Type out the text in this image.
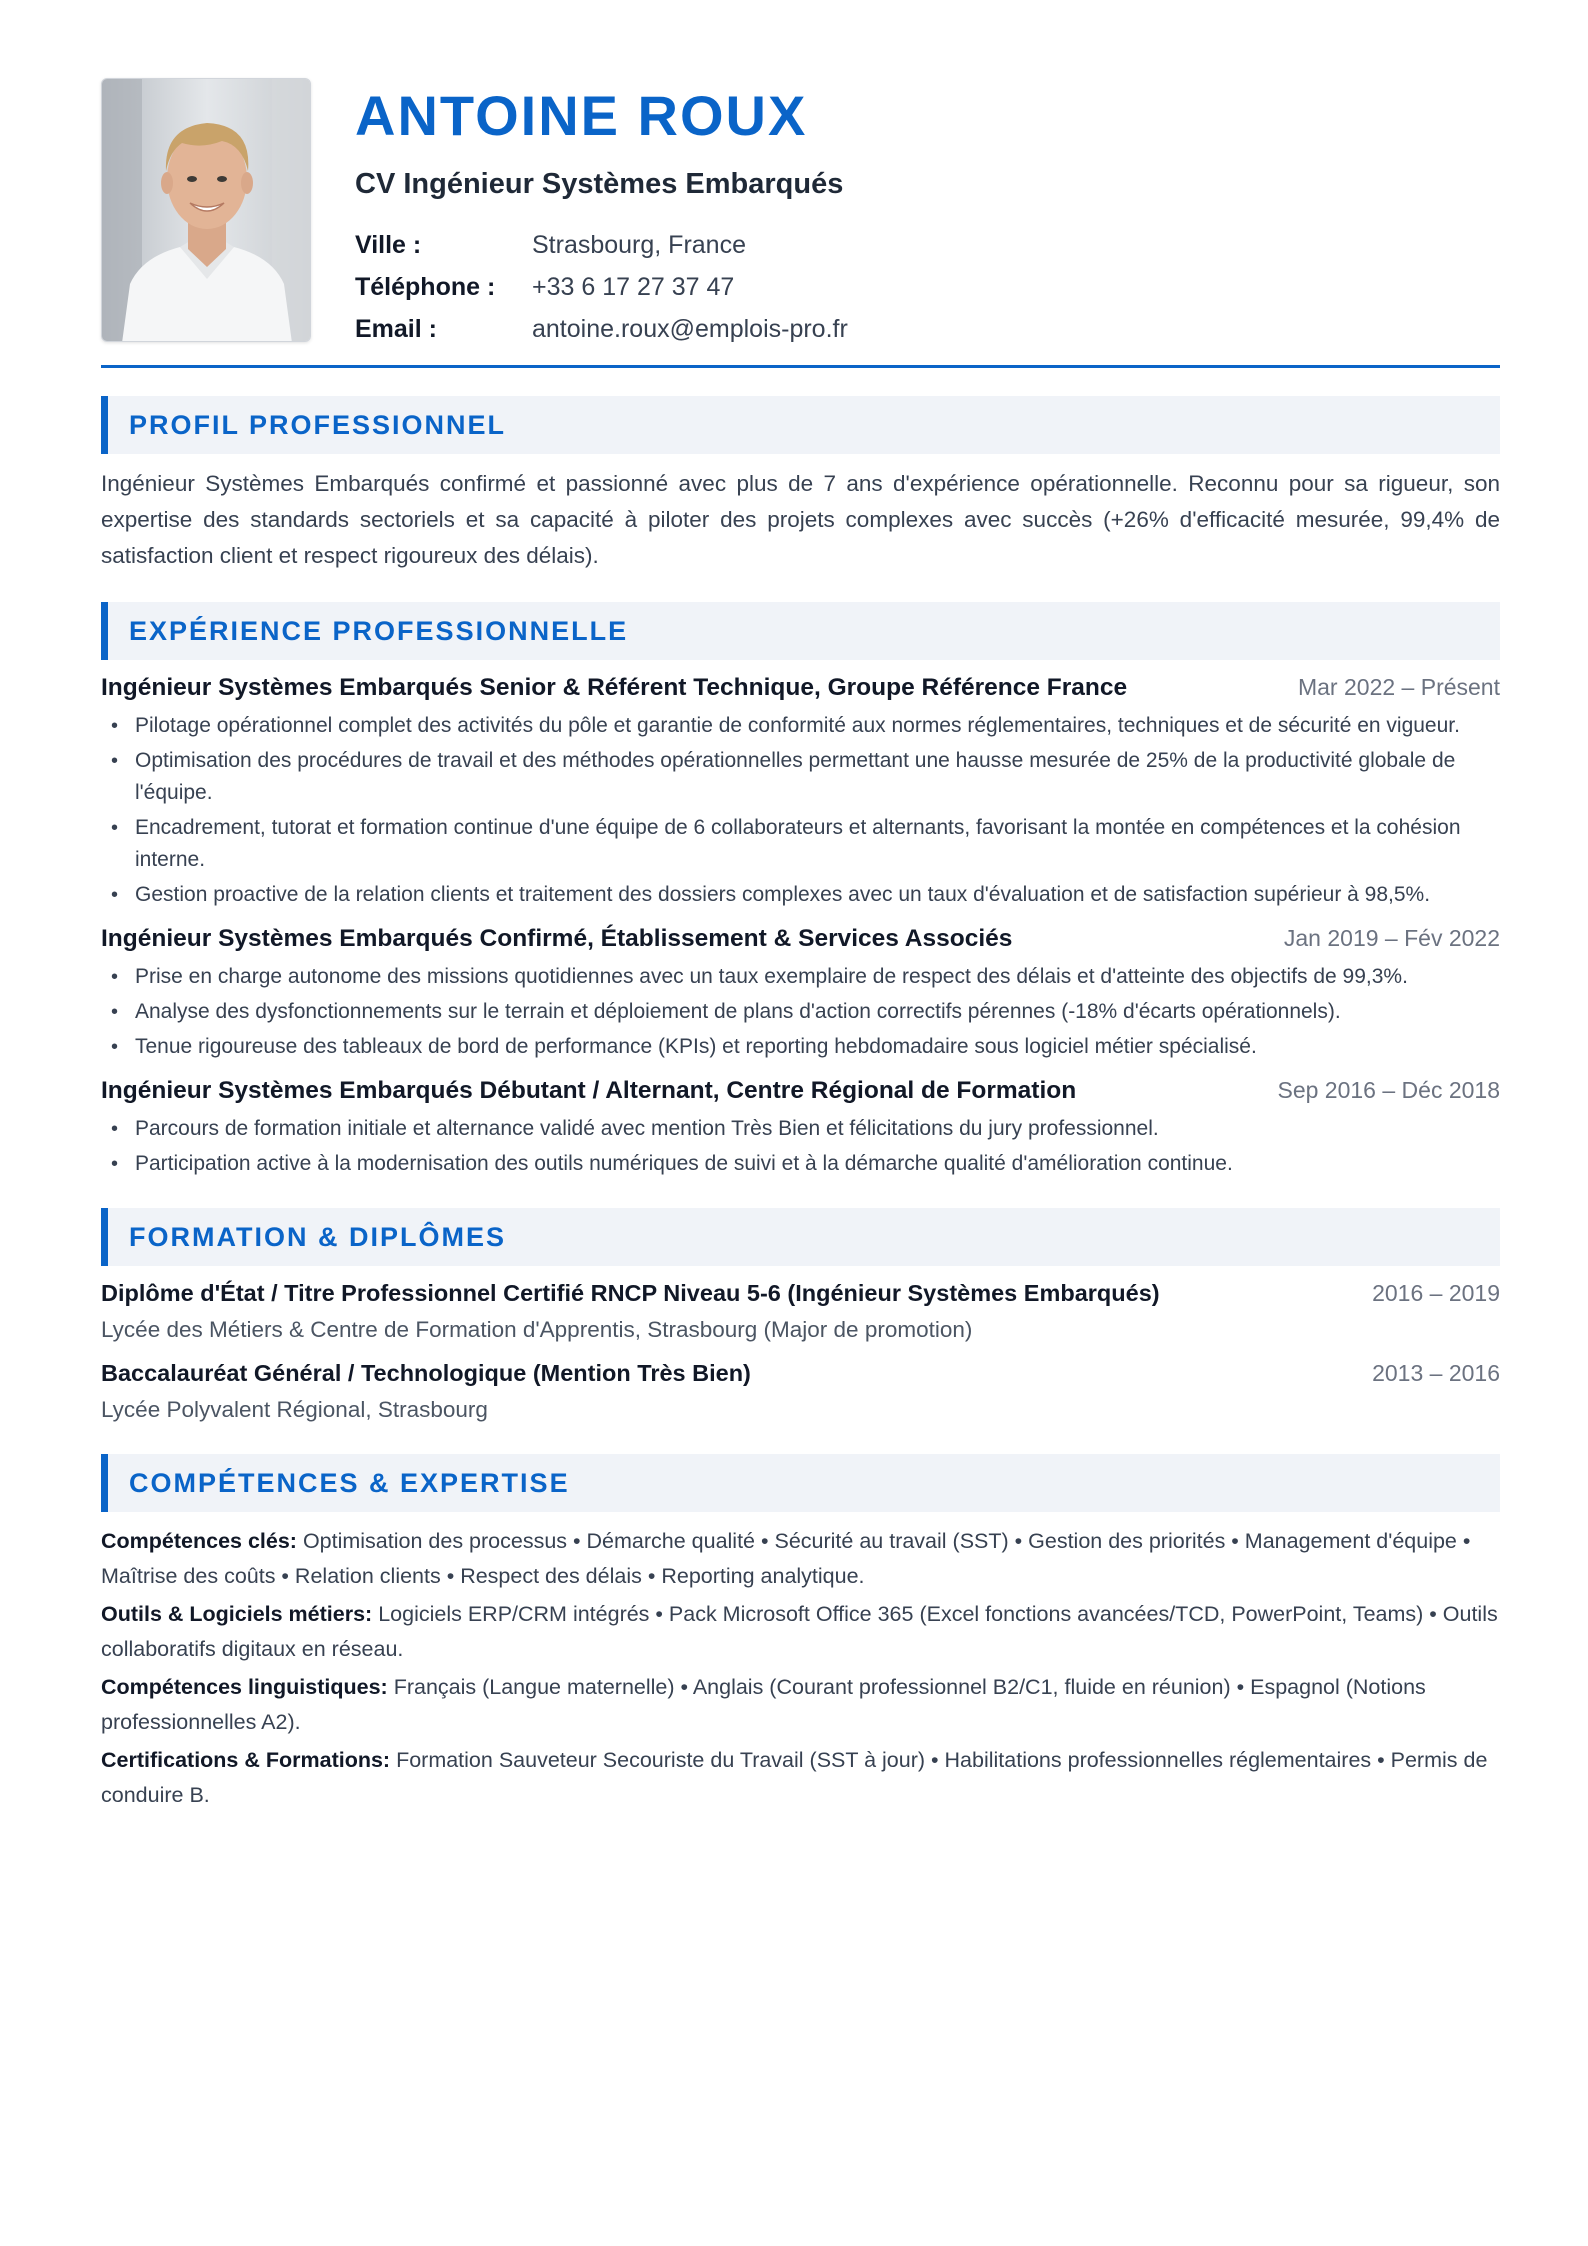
ANTOINE ROUX
CV Ingénieur Systèmes Embarqués
Ville :	Strasbourg, France
Téléphone :	+33 6 17 27 37 47
Email :	antoine.roux@emplois-pro.fr
PROFIL PROFESSIONNEL

Ingénieur Systèmes Embarqués confirmé et passionné avec plus de 7 ans d'expérience opérationnelle. Reconnu pour sa rigueur, son expertise des standards sectoriels et sa capacité à piloter des projets complexes avec succès (+26% d'efficacité mesurée, 99,4% de satisfaction client et respect rigoureux des délais).

EXPÉRIENCE PROFESSIONNELLE
Ingénieur Systèmes Embarqués Senior & Référent Technique, Groupe Référence France	Mar 2022 – Présent
• Pilotage opérationnel complet des activités du pôle et garantie de conformité aux normes réglementaires, techniques et de sécurité en vigueur.
• Optimisation des procédures de travail et des méthodes opérationnelles permettant une hausse mesurée de 25% de la productivité globale de l'équipe.
• Encadrement, tutorat et formation continue d'une équipe de 6 collaborateurs et alternants, favorisant la montée en compétences et la cohésion interne.
• Gestion proactive de la relation clients et traitement des dossiers complexes avec un taux d'évaluation et de satisfaction supérieur à 98,5%.
Ingénieur Systèmes Embarqués Confirmé, Établissement & Services Associés	Jan 2019 – Fév 2022
• Prise en charge autonome des missions quotidiennes avec un taux exemplaire de respect des délais et d'atteinte des objectifs de 99,3%.
• Analyse des dysfonctionnements sur le terrain et déploiement de plans d'action correctifs pérennes (-18% d'écarts opérationnels).
• Tenue rigoureuse des tableaux de bord de performance (KPIs) et reporting hebdomadaire sous logiciel métier spécialisé.
Ingénieur Systèmes Embarqués Débutant / Alternant, Centre Régional de Formation	Sep 2016 – Déc 2018
• Parcours de formation initiale et alternance validé avec mention Très Bien et félicitations du jury professionnel.
• Participation active à la modernisation des outils numériques de suivi et à la démarche qualité d'amélioration continue.
FORMATION & DIPLÔMES
Diplôme d'État / Titre Professionnel Certifié RNCP Niveau 5-6 (Ingénieur Systèmes Embarqués)	2016 – 2019
Lycée des Métiers & Centre de Formation d'Apprentis, Strasbourg (Major de promotion)
Baccalauréat Général / Technologique (Mention Très Bien)	2013 – 2016
Lycée Polyvalent Régional, Strasbourg
COMPÉTENCES & EXPERTISE

Compétences clés: Optimisation des processus • Démarche qualité • Sécurité au travail (SST) • Gestion des priorités • Management d'équipe • Maîtrise des coûts • Relation clients • Respect des délais • Reporting analytique.

Outils & Logiciels métiers: Logiciels ERP/CRM intégrés • Pack Microsoft Office 365 (Excel fonctions avancées/TCD, PowerPoint, Teams) • Outils collaboratifs digitaux en réseau.

Compétences linguistiques: Français (Langue maternelle) • Anglais (Courant professionnel B2/C1, fluide en réunion) • Espagnol (Notions professionnelles A2).

Certifications & Formations: Formation Sauveteur Secouriste du Travail (SST à jour) • Habilitations professionnelles réglementaires • Permis de conduire B.
